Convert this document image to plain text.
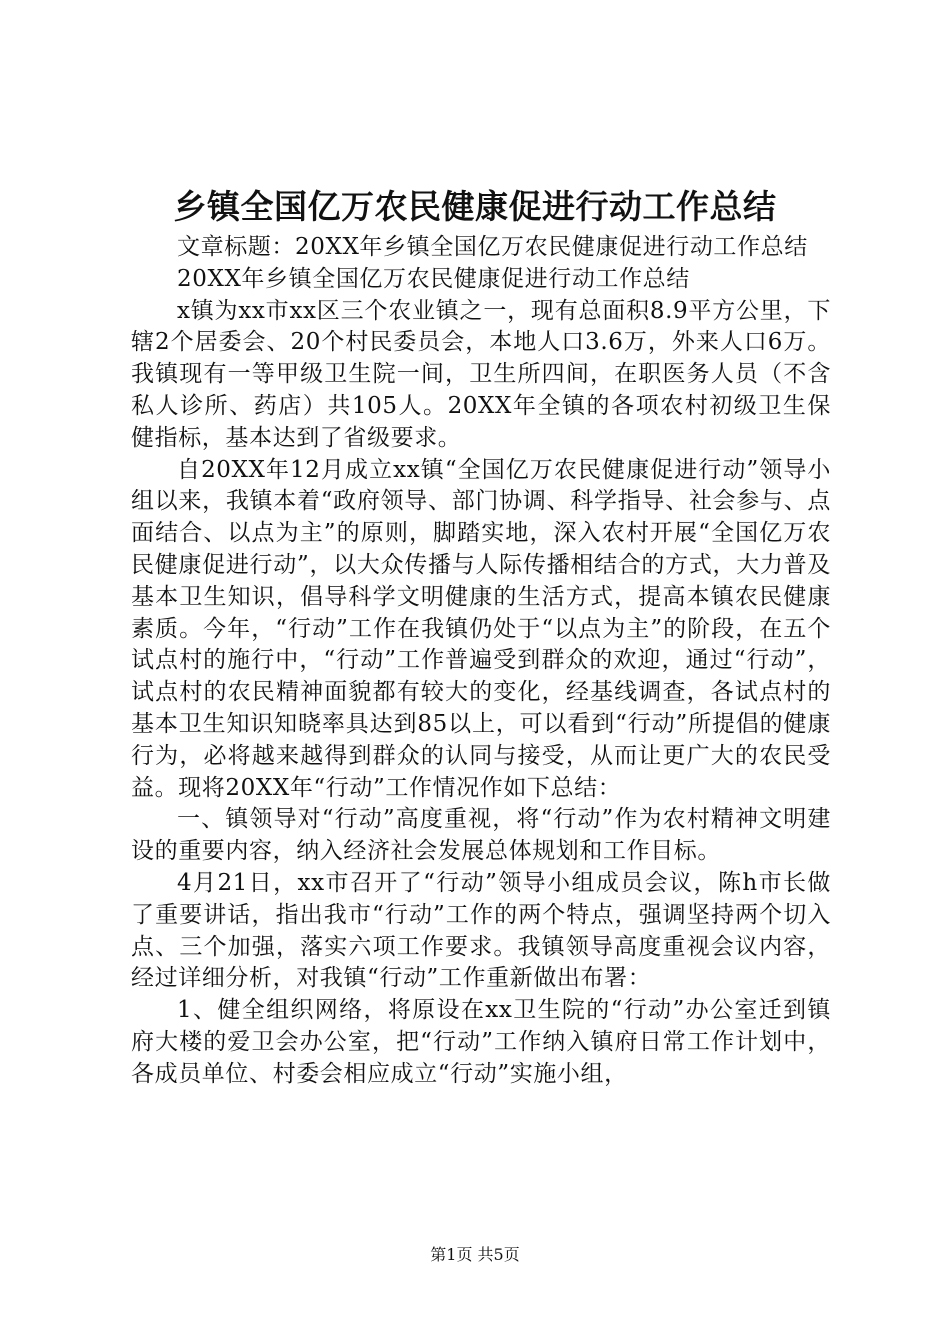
乡镇全国亿万农民健康促进行动工作总结

文章标题：20XX年乡镇全国亿万农民健康促进行动工作总结

20XX年乡镇全国亿万农民健康促进行动工作总结

x镇为xx市xx区三个农业镇之一，现有总面积8.9平方公里，下辖2个居委会、20个村民委员会，本地人口3.6万，外来人口6万。我镇现有一等甲级卫生院一间，卫生所四间，在职医务人员（不含私人诊所、药店）共105人。20XX年全镇的各项农村初级卫生保健指标，基本达到了省级要求。

自20XX年12月成立xx镇“全国亿万农民健康促进行动”领导小组以来，我镇本着“政府领导、部门协调、科学指导、社会参与、点面结合、以点为主”的原则，脚踏实地，深入农村开展“全国亿万农民健康促进行动”，以大众传播与人际传播相结合的方式，大力普及基本卫生知识，倡导科学文明健康的生活方式，提高本镇农民健康素质。今年，“行动”工作在我镇仍处于“以点为主”的阶段，在五个试点村的施行中，“行动”工作普遍受到群众的欢迎，通过“行动”，试点村的农民精神面貌都有较大的变化，经基线调查，各试点村的基本卫生知识知晓率具达到85以上，可以看到“行动”所提倡的健康行为，必将越来越得到群众的认同与接受，从而让更广大的农民受益。现将20XX年“行动”工作情况作如下总结：

一、镇领导对“行动”高度重视，将“行动”作为农村精神文明建设的重要内容，纳入经济社会发展总体规划和工作目标。

4月21日，xx市召开了“行动”领导小组成员会议，陈h市长做了重要讲话，指出我市“行动”工作的两个特点，强调坚持两个切入点、三个加强，落实六项工作要求。我镇领导高度重视会议内容，经过详细分析，对我镇“行动”工作重新做出布署：

1、健全组织网络，将原设在xx卫生院的“行动”办公室迁到镇府大楼的爱卫会办公室，把“行动”工作纳入镇府日常工作计划中，各成员单位、村委会相应成立“行动”实施小组，

第1页 共5页
